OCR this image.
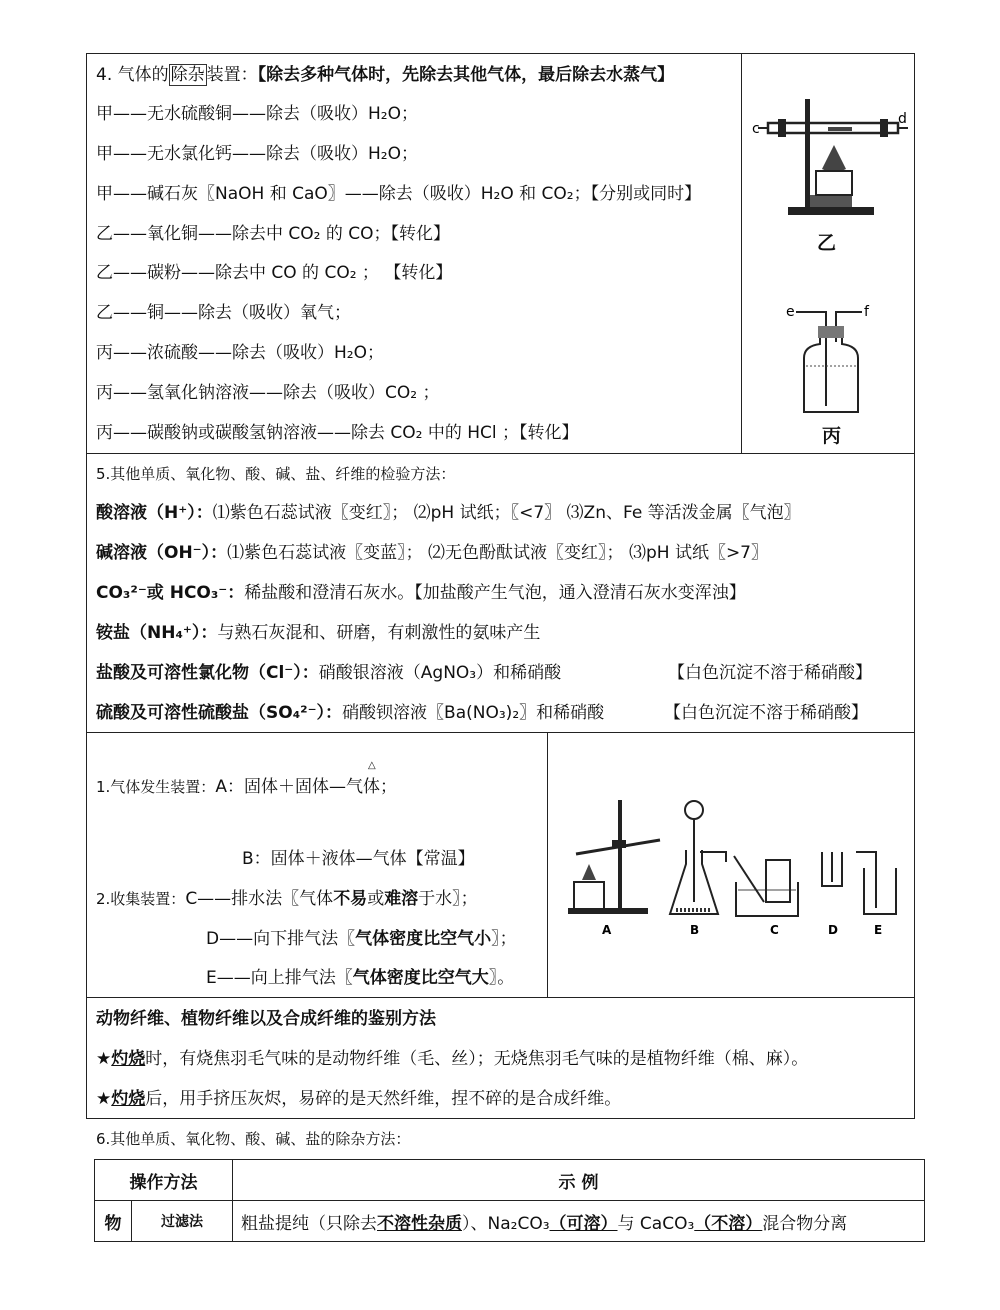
4. 气体的 除杂 装置：【除去多种气体时，先除去其他气体，最后除去水蒸气】
甲——无水硫酸铜——除去（吸收）H₂O；
甲——无水氯化钙——除去（吸收）H₂O；
甲——碱石灰〖NaOH 和 CaO〗——除去（吸收）H₂O 和 CO₂；【分别或同时】
乙——氧化铜——除去中 CO₂ 的 CO；【转化】
乙——碳粉——除去中 CO 的 CO₂ ； 【转化】
乙——铜——除去（吸收）氧气；
丙——浓硫酸——除去（吸收）H₂O；
丙——氢氧化钠溶液——除去（吸收）CO₂ ；
丙——碳酸钠或碳酸氢钠溶液——除去 CO₂ 中的 HCl ；【转化】
c
d
乙
e	f
丙
5.其他单质、氧化物、酸、碱、盐、纤维的检验方法：
酸溶液（H⁺）：⑴紫色石蕊试液〖变红〗； ⑵pH 试纸；〖<7〗 ⑶Zn、Fe 等活泼金属〖气泡〗
碱溶液（OH⁻）：⑴紫色石蕊试液〖变蓝〗； ⑵无色酚酞试液〖变红〗； ⑶pH 试纸〖>7〗
CO₃²⁻或 HCO₃⁻：稀盐酸和澄清石灰水。【加盐酸产生气泡，通入澄清石灰水变浑浊】
铵盐（NH₄⁺）：与熟石灰混和、研磨，有刺激性的氨味产生
盐酸及可溶性氯化物（Cl⁻）：硝酸银溶液（AgNO₃）和稀硝酸	【白色沉淀不溶于稀硝酸】
硫酸及可溶性硫酸盐（SO₄²⁻）：硝酸钡溶液〖Ba(NO₃)₂〗和稀硝酸	【白色沉淀不溶于稀硝酸】
1.气体发生装置：A：固体＋固体—气体；
△
B：固体＋液体—气体【常温】
2.收集装置：C——排水法〖气体不易或难溶于水〗；
D——向下排气法〖气体密度比空气小〗；
E——向上排气法〖气体密度比空气大〗。
A	B	C	D	E
动物纤维、植物纤维以及合成纤维的鉴别方法
★灼烧时，有烧焦羽毛气味的是动物纤维（毛、丝）；无烧焦羽毛气味的是植物纤维（棉、麻）。
★灼烧后，用手挤压灰烬，易碎的是天然纤维，捏不碎的是合成纤维。
6.其他单质、氧化物、酸、碱、盐的除杂方法：
操作方法		示 例
物	过滤法	粗盐提纯（只除去不溶性杂质）、Na₂CO₃（可溶）与 CaCO₃（不溶）混合物分离
